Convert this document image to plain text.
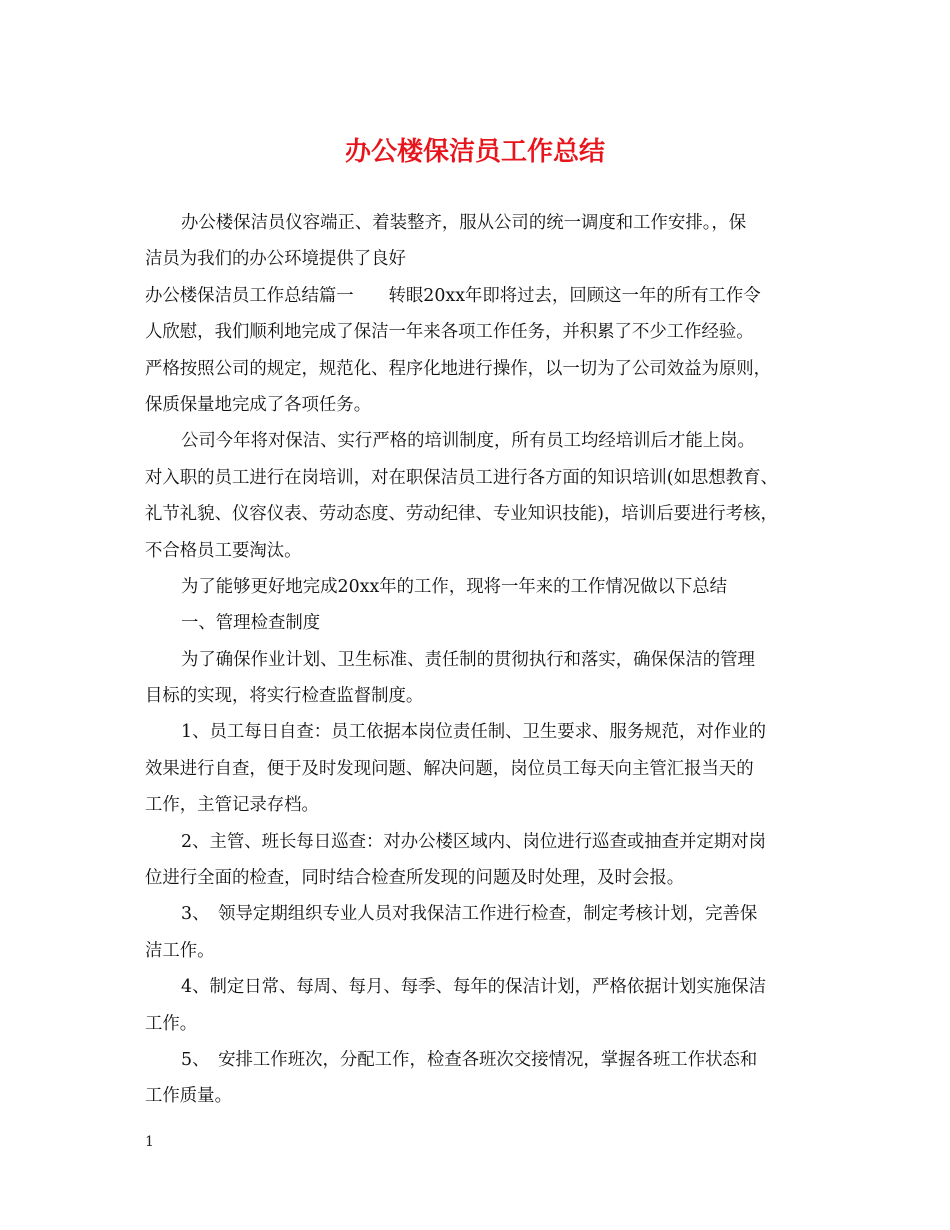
办公楼保洁员工作总结
办公楼保洁员仪容端正、着装整齐，服从公司的统一调度和工作安排。，保
洁员为我们的办公环境提供了良好
办公楼保洁员工作总结篇一　　转眼20xx年即将过去，回顾这一年的所有工作令
人欣慰，我们顺利地完成了保洁一年来各项工作任务，并积累了不少工作经验。
严格按照公司的规定，规范化、程序化地进行操作，以一切为了公司效益为原则，
保质保量地完成了各项任务。
公司今年将对保洁、实行严格的培训制度，所有员工均经培训后才能上岗。
对入职的员工进行在岗培训，对在职保洁员工进行各方面的知识培训(如思想教育、
礼节礼貌、仪容仪表、劳动态度、劳动纪律、专业知识技能)，培训后要进行考核，
不合格员工要淘汰。
为了能够更好地完成20xx年的工作，现将一年来的工作情况做以下总结
一、管理检查制度
为了确保作业计划、卫生标准、责任制的贯彻执行和落实，确保保洁的管理
目标的实现，将实行检查监督制度。
1、员工每日自查：员工依据本岗位责任制、卫生要求、服务规范，对作业的
效果进行自查，便于及时发现问题、解决问题，岗位员工每天向主管汇报当天的
工作，主管记录存档。
2、主管、班长每日巡查：对办公楼区域内、岗位进行巡查或抽查并定期对岗
位进行全面的检查，同时结合检查所发现的问题及时处理，及时会报。
3、　领导定期组织专业人员对我保洁工作进行检查，制定考核计划，完善保
洁工作。
4、制定日常、每周、每月、每季、每年的保洁计划，严格依据计划实施保洁
工作。
5、　安排工作班次，分配工作，检查各班次交接情况，掌握各班工作状态和
工作质量。
1
